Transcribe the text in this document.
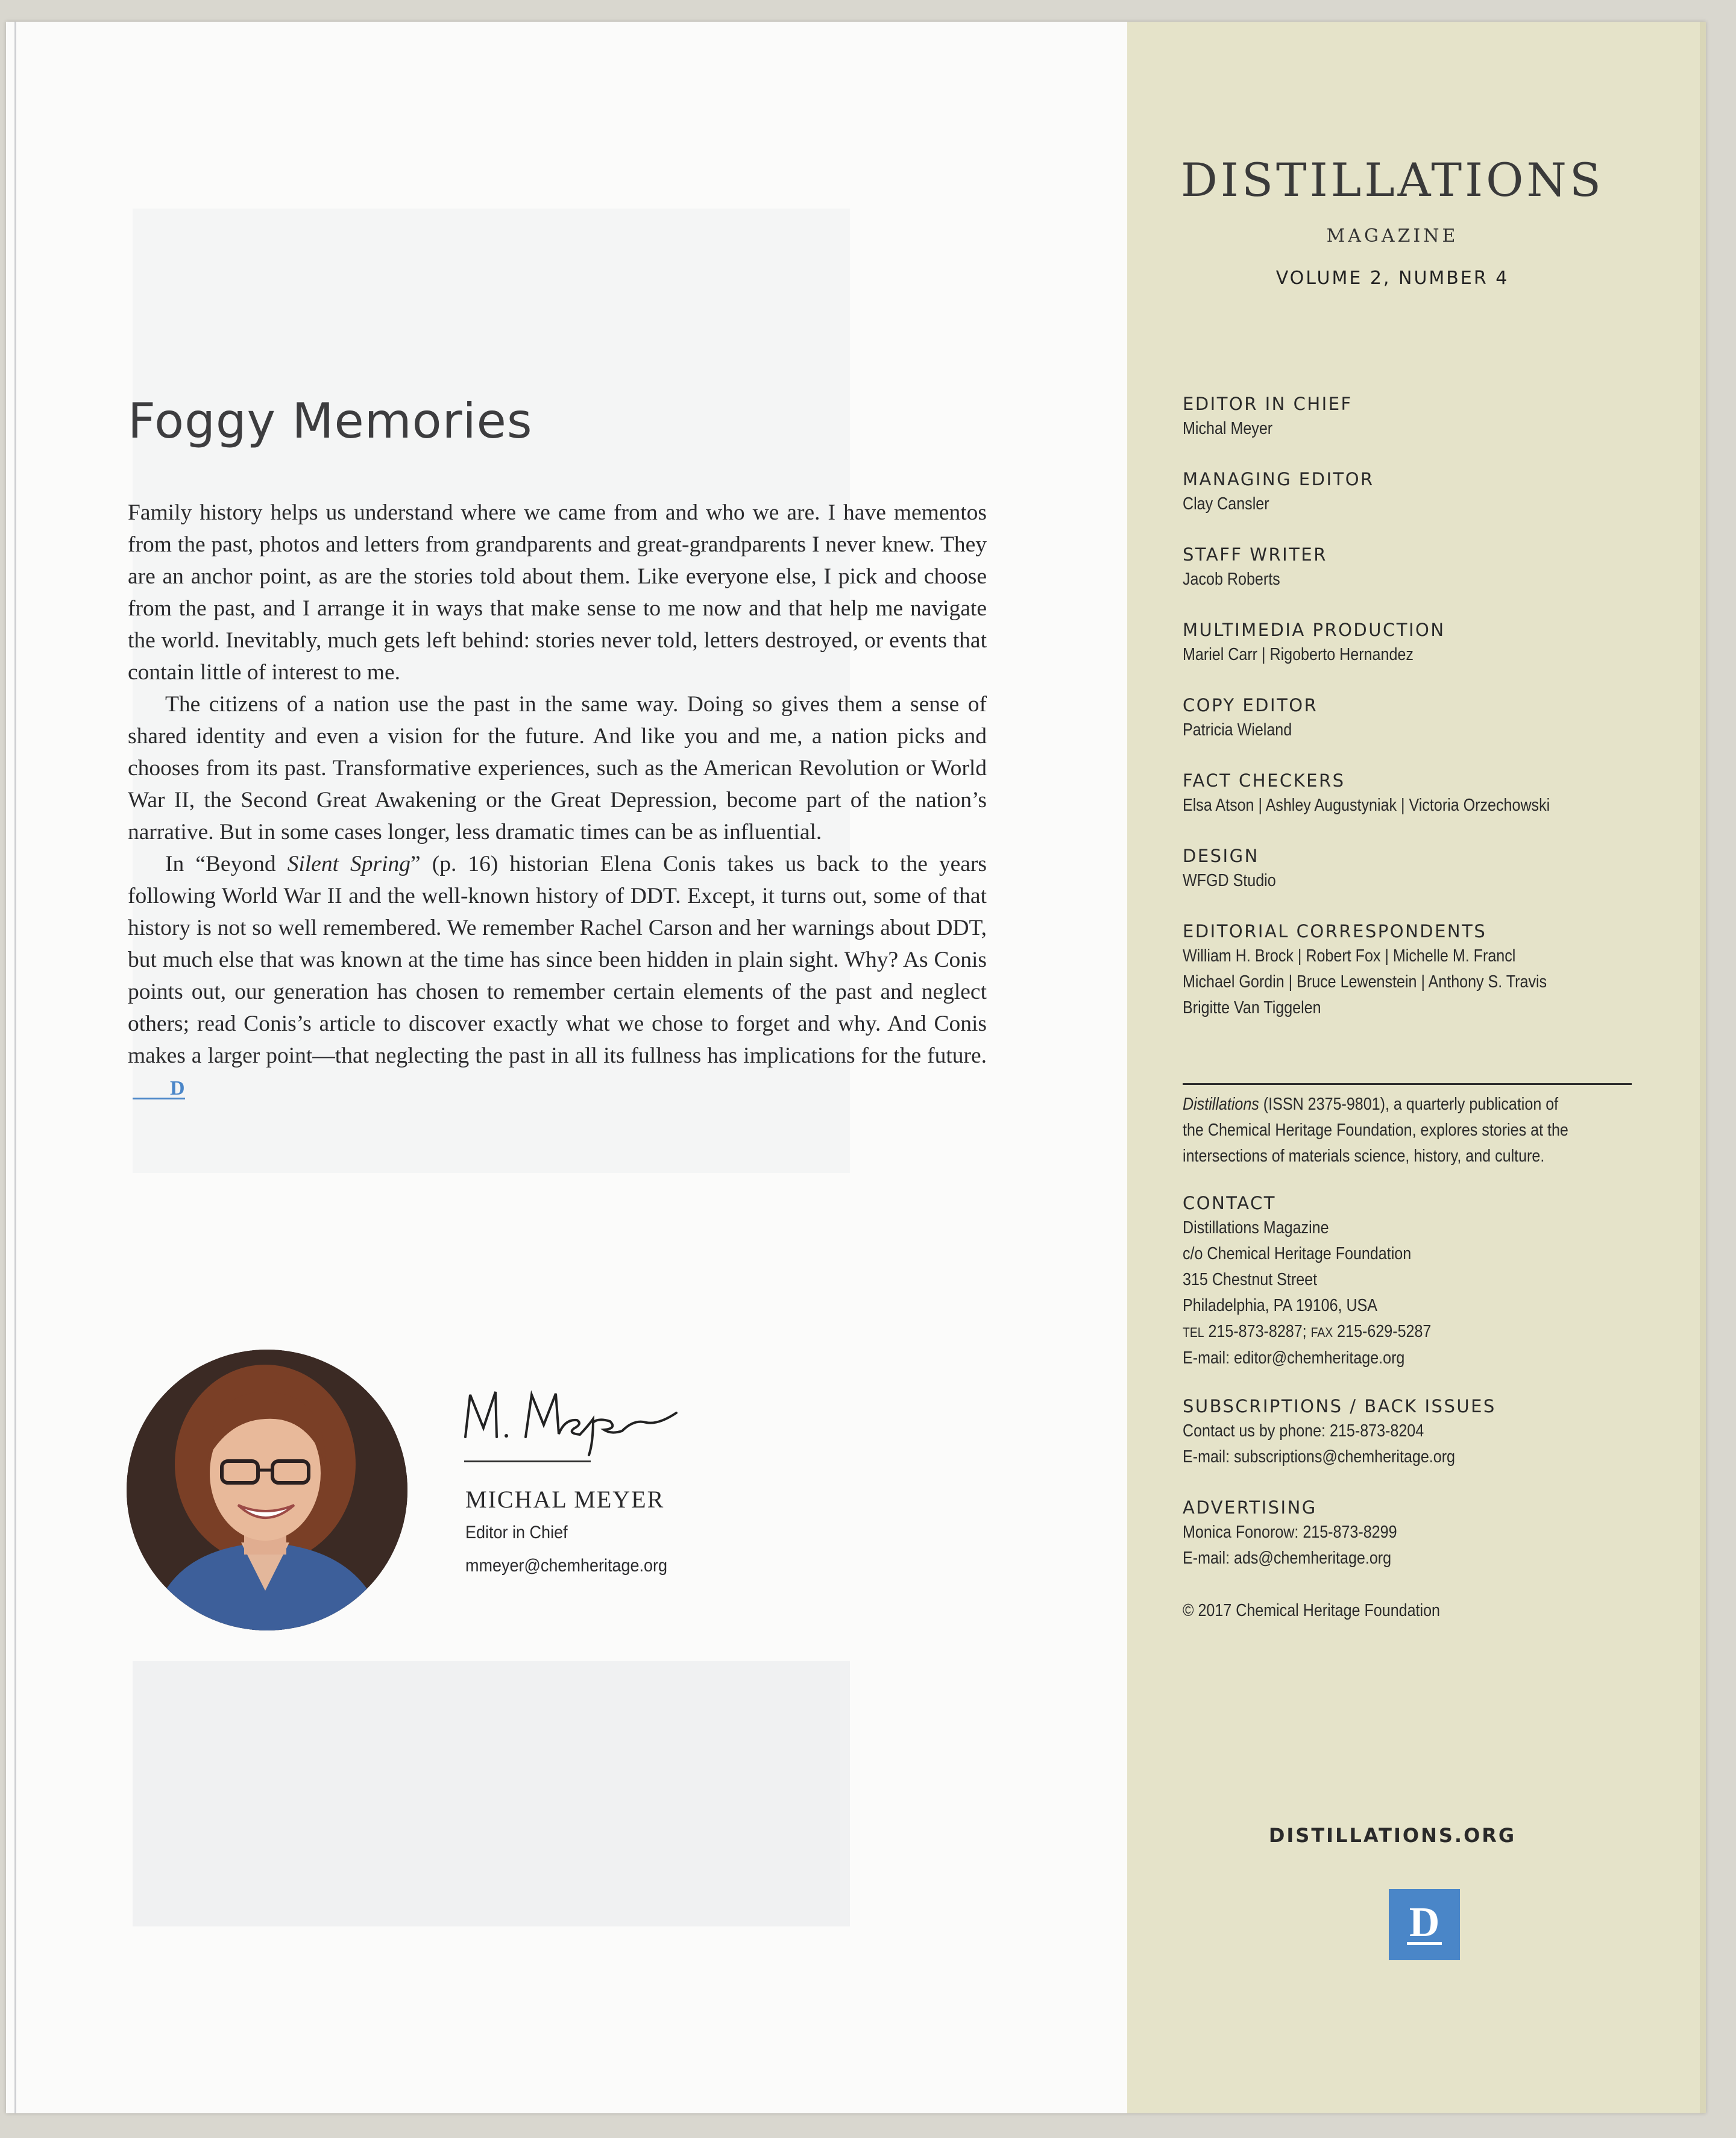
Foggy Memories

Family history helps us understand where we came from and who we are. I have mementos from the past, photos and letters from grandparents and great-grandparents I never knew. They are an anchor point, as are the stories told about them. Like everyone else, I pick and choose from the past, and I arrange it in ways that make sense to me now and that help me navigate the world. Inevitably, much gets left behind: stories never told, letters destroyed, or events that contain little of interest to me.

The citizens of a nation use the past in the same way. Doing so gives them a sense of shared identity and even a vision for the future. And like you and me, a nation picks and chooses from its past. Transformative experiences, such as the American Revolution or World War II, the Second Great Awakening or the Great Depression, become part of the nation’s narrative. But in some cases longer, less dramatic times can be as influential.

In “Beyond Silent Spring” (p. 16) historian Elena Conis takes us back to the years following World War II and the well-known history of DDT. Except, it turns out, some of that history is not so well remembered. We remember Rachel Carson and her warnings about DDT, but much else that was known at the time has since been hidden in plain sight. Why? As Conis points out, our generation has chosen to remember certain elements of the past and neglect others; read Conis’s article to discover exactly what we chose to forget and why. And Conis makes a larger point—that neglecting the past in all its fullness has implications for the future. D

MICHAL MEYER
Editor in Chief
mmeyer@chemheritage.org
DISTILLATIONS
MAGAZINE
VOLUME 2, NUMBER 4
EDITOR IN CHIEF
Michal Meyer
MANAGING EDITOR
Clay Cansler
STAFF WRITER
Jacob Roberts
MULTIMEDIA PRODUCTION
Mariel Carr | Rigoberto Hernandez
COPY EDITOR
Patricia Wieland
FACT CHECKERS
Elsa Atson | Ashley Augustyniak | Victoria Orzechowski
DESIGN
WFGD Studio
EDITORIAL CORRESPONDENTS
William H. Brock | Robert Fox | Michelle M. Francl
Michael Gordin | Bruce Lewenstein | Anthony S. Travis
Brigitte Van Tiggelen
Distillations (ISSN 2375-9801), a quarterly publication of
the Chemical Heritage Foundation, explores stories at the
intersections of materials science, history, and culture.
CONTACT
Distillations Magazine
c/o Chemical Heritage Foundation
315 Chestnut Street
Philadelphia, PA 19106, USA
TEL 215-873-8287; FAX 215-629-5287
E-mail: editor@chemheritage.org
SUBSCRIPTIONS / BACK ISSUES
Contact us by phone: 215-873-8204
E-mail: subscriptions@chemheritage.org
ADVERTISING
Monica Fonorow: 215-873-8299
E-mail: ads@chemheritage.org
© 2017 Chemical Heritage Foundation
DISTILLATIONS.ORG
D
